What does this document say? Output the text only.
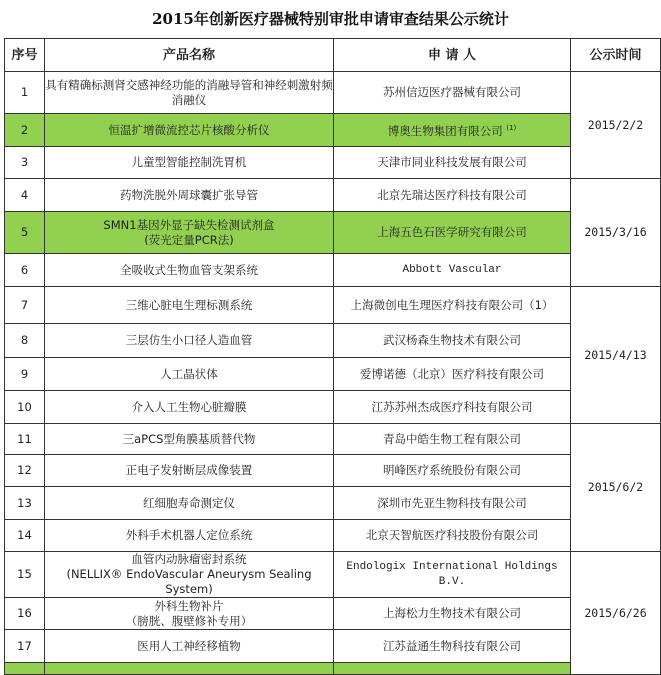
2015年创新医疗器械特别审批申请审查结果公示统计
序号	产品名称	申 请 人	公示时间
1	具有精确标测肾交感神经功能的消融导管和神经刺激射频消融仪	苏州信迈医疗器械有限公司	2015/2/2
2	恒温扩增微流控芯片核酸分析仪	博奥生物集团有限公司 $^{(1)}$
3	儿童型智能控制洗胃机	天津市同业科技发展有限公司	
4	药物洗脱外周球囊扩张导管	北京先瑞达医疗科技有限公司	2015/3/16
5	SMN1基因外显子缺失检测试剂盒
(荧光定量PCR法)	上海五色石医学研究有限公司	
6	全吸收式生物血管支架系统	Abbott Vascular	
7	三维心脏电生理标测系统	上海微创电生理医疗科技有限公司（1）	2015/4/13
8	三层仿生小口径人造血管	武汉杨森生物技术有限公司	
9	人工晶状体	爱博诺德（北京）医疗科技有限公司	
10	介入人工生物心脏瓣膜	江苏苏州杰成医疗科技有限公司	
11	三aPCS型角膜基质替代物	青岛中皓生物工程有限公司	2015/6/2
12	正电子发射断层成像装置	明峰医疗系统股份有限公司	
13	红细胞寿命测定仪	深圳市先亚生物科技有限公司	
14	外科手术机器人定位系统	北京天智航医疗科技股份有限公司	
15	血管内动脉瘤密封系统
(NELLIX® EndoVascular Aneurysm Sealing System)	Endologix International Holdings B.V.	2015/6/26
16	外科生物补片
（膀胱、腹壁修补专用）	上海松力生物技术有限公司	
17	医用人工神经移植物	江苏益通生物科技有限公司	
